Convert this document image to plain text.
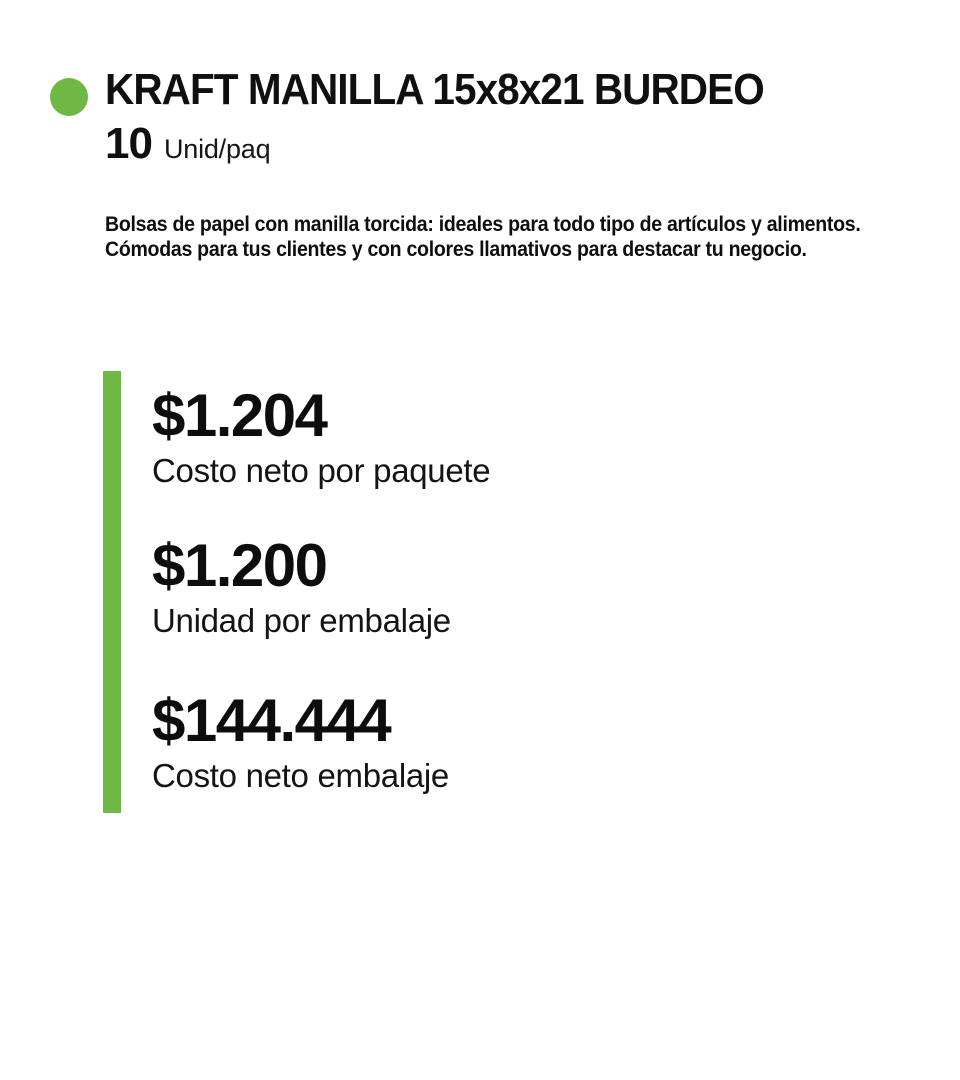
KRAFT MANILLA 15x8x21 BURDEO
10 Unid/paq
Bolsas de papel con manilla torcida: ideales para todo tipo de artículos y alimentos.
Cómodas para tus clientes y con colores llamativos para destacar tu negocio.
$1.204
Costo neto por paquete
$1.200
Unidad por embalaje
$144.444
Costo neto embalaje
